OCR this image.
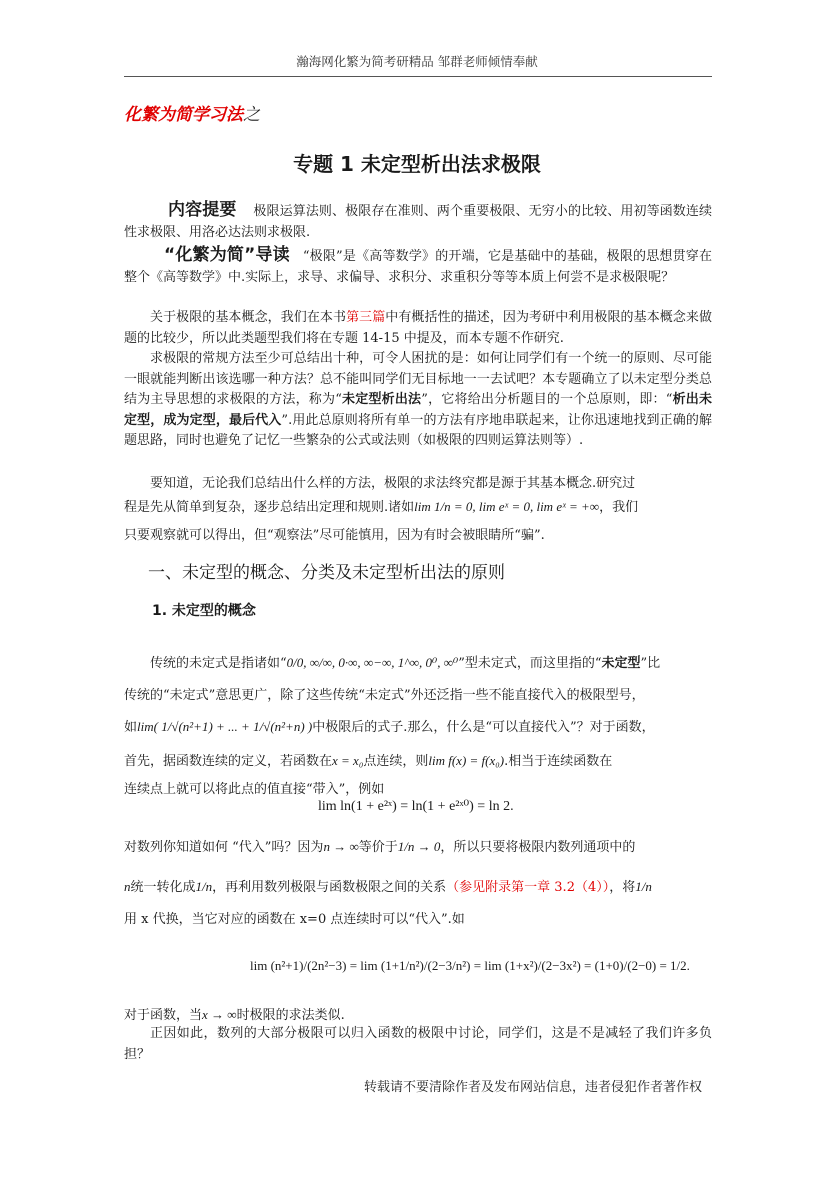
瀚海网化繁为简考研精品 邹群老师倾情奉献
化繁为简学习法之
专题 1 未定型析出法求极限
内容提要 极限运算法则、极限存在准则、两个重要极限、无穷小的比较、用初等函数连续性求极限、用洛必达法则求极限.
“化繁为简”导读 “极限”是《高等数学》的开端，它是基础中的基础，极限的思想贯穿在整个《高等数学》中.实际上，求导、求偏导、求积分、求重积分等等本质上何尝不是求极限呢？
关于极限的基本概念，我们在本书第三篇中有概括性的描述，因为考研中利用极限的基本概念来做题的比较少，所以此类题型我们将在专题 14-15 中提及，而本专题不作研究.
求极限的常规方法至少可总结出十种，可令人困扰的是：如何让同学们有一个统一的原则、尽可能一眼就能判断出该选哪一种方法？总不能叫同学们无目标地一一去试吧？本专题确立了以未定型分类总结为主导思想的求极限的方法，称为“未定型析出法”，它将给出分析题目的一个总原则，即：“析出未定型，成为定型，最后代入”.用此总原则将所有单一的方法有序地串联起来，让你迅速地找到正确的解题思路，同时也避免了记忆一些繁杂的公式或法则（如极限的四则运算法则等）.
要知道，无论我们总结出什么样的方法，极限的求法终究都是源于其基本概念.研究过
程是先从简单到复杂，逐步总结出定理和规则.诸如lim 1/n = 0, lim eˣ = 0, lim eˣ = +∞，我们
只要观察就可以得出，但“观察法”尽可能慎用，因为有时会被眼睛所“骗”.
一、未定型的概念、分类及未定型析出法的原则
1. 未定型的概念
传统的未定式是指诸如“0/0, ∞/∞, 0·∞, ∞−∞, 1^∞, 0⁰, ∞⁰”型未定式，而这里指的“未定型”比
传统的“未定式”意思更广，除了这些传统“未定式”外还泛指一些不能直接代入的极限型号，
如lim( 1/√(n²+1) + ... + 1/√(n²+n) )中极限后的式子.那么，什么是“可以直接代入”？对于函数，
首先，据函数连续的定义，若函数在x = x₀点连续，则lim f(x) = f(x₀).相当于连续函数在
连续点上就可以将此点的值直接“带入”，例如
lim ln(1 + e²ˣ) = ln(1 + e²ˣ⁰) = ln 2.
对数列你知道如何 “代入”吗？因为n → ∞等价于1/n → 0，所以只要将极限内数列通项中的
n统一转化成1/n，再利用数列极限与函数极限之间的关系（参见附录第一章 3.2（4）），将1/n
用 x 代换，当它对应的函数在 x=0 点连续时可以“代入”.如
lim (n²+1)/(2n²−3) = lim (1+1/n²)/(2−3/n²) = lim (1+x²)/(2−3x²) = (1+0)/(2−0) = 1/2.
对于函数，当x → ∞时极限的求法类似.
正因如此，数列的大部分极限可以归入函数的极限中讨论，同学们，这是不是减轻了我们许多负担？
转载请不要清除作者及发布网站信息，违者侵犯作者著作权
